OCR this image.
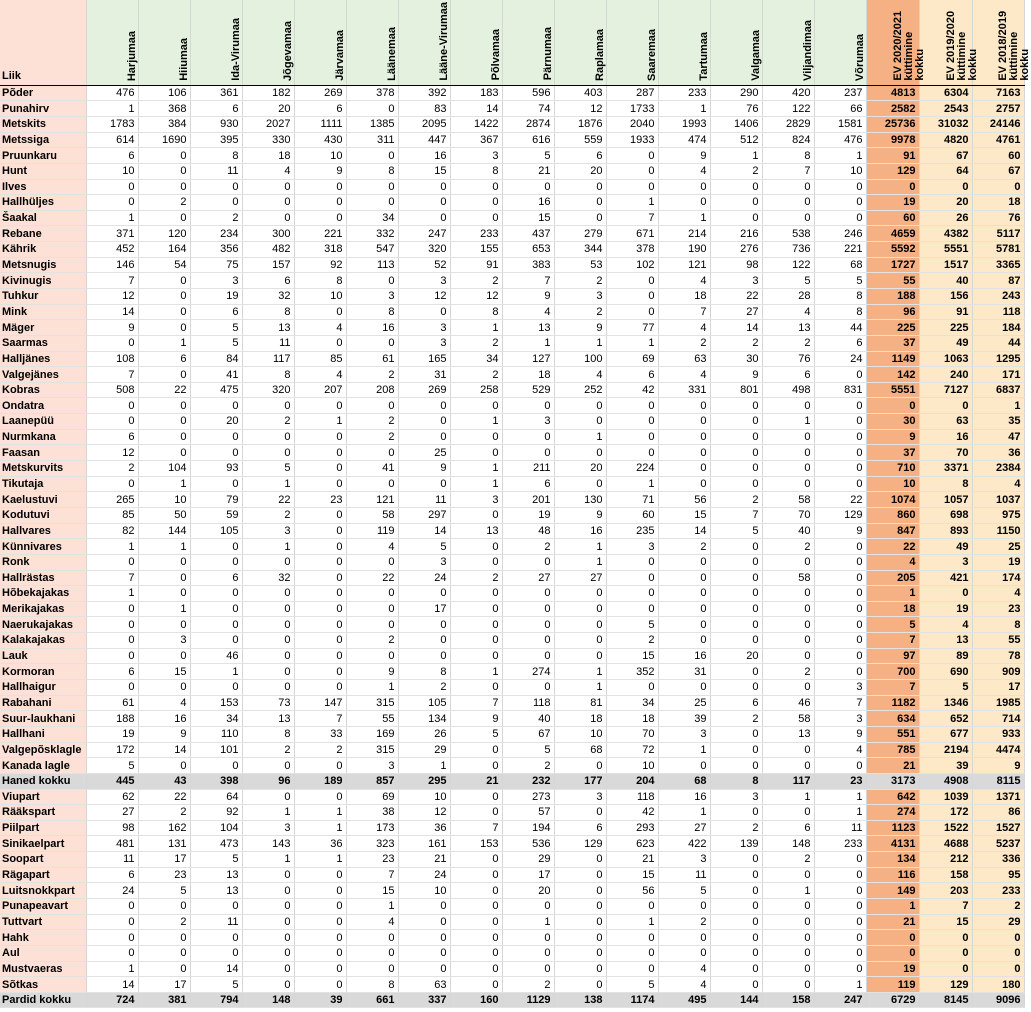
Liik	Harjumaa	Hiiumaa	Ida-Virumaa	Jõgevamaa	Järvamaa	Läänemaa	Lääne-Virumaa	Põlvamaa	Pärnumaa	Raplamaa	Saaremaa	Tartumaa	Valgamaa	Viljandimaa	Võrumaa	EV 2020/2021 küttimine kokku	EV 2019/2020 küttimine kokku	EV 2018/2019 küttimine kokku
Põder	476	106	361	182	269	378	392	183	596	403	287	233	290	420	237	4813	6304	7163
Punahirv	1	368	6	20	6	0	83	14	74	12	1733	1	76	122	66	2582	2543	2757
Metskits	1783	384	930	2027	1111	1385	2095	1422	2874	1876	2040	1993	1406	2829	1581	25736	31032	24146
Metssiga	614	1690	395	330	430	311	447	367	616	559	1933	474	512	824	476	9978	4820	4761
Pruunkaru	6	0	8	18	10	0	16	3	5	6	0	9	1	8	1	91	67	60
Hunt	10	0	11	4	9	8	15	8	21	20	0	4	2	7	10	129	64	67
Ilves	0	0	0	0	0	0	0	0	0	0	0	0	0	0	0	0	0	0
Hallhüljes	0	2	0	0	0	0	0	0	16	0	1	0	0	0	0	19	20	18
Šaakal	1	0	2	0	0	34	0	0	15	0	7	1	0	0	0	60	26	76
Rebane	371	120	234	300	221	332	247	233	437	279	671	214	216	538	246	4659	4382	5117
Kährik	452	164	356	482	318	547	320	155	653	344	378	190	276	736	221	5592	5551	5781
Metsnugis	146	54	75	157	92	113	52	91	383	53	102	121	98	122	68	1727	1517	3365
Kivinugis	7	0	3	6	8	0	3	2	7	2	0	4	3	5	5	55	40	87
Tuhkur	12	0	19	32	10	3	12	12	9	3	0	18	22	28	8	188	156	243
Mink	14	0	6	8	0	8	0	8	4	2	0	7	27	4	8	96	91	118
Mäger	9	0	5	13	4	16	3	1	13	9	77	4	14	13	44	225	225	184
Saarmas	0	1	5	11	0	0	3	2	1	1	1	2	2	2	6	37	49	44
Halljänes	108	6	84	117	85	61	165	34	127	100	69	63	30	76	24	1149	1063	1295
Valgejänes	7	0	41	8	4	2	31	2	18	4	6	4	9	6	0	142	240	171
Kobras	508	22	475	320	207	208	269	258	529	252	42	331	801	498	831	5551	7127	6837
Ondatra	0	0	0	0	0	0	0	0	0	0	0	0	0	0	0	0	0	1
Laanepüü	0	0	20	2	1	2	0	1	3	0	0	0	0	1	0	30	63	35
Nurmkana	6	0	0	0	0	2	0	0	0	1	0	0	0	0	0	9	16	47
Faasan	12	0	0	0	0	0	25	0	0	0	0	0	0	0	0	37	70	36
Metskurvits	2	104	93	5	0	41	9	1	211	20	224	0	0	0	0	710	3371	2384
Tikutaja	0	1	0	1	0	0	0	1	6	0	1	0	0	0	0	10	8	4
Kaelustuvi	265	10	79	22	23	121	11	3	201	130	71	56	2	58	22	1074	1057	1037
Kodutuvi	85	50	59	2	0	58	297	0	19	9	60	15	7	70	129	860	698	975
Hallvares	82	144	105	3	0	119	14	13	48	16	235	14	5	40	9	847	893	1150
Künnivares	1	1	0	1	0	4	5	0	2	1	3	2	0	2	0	22	49	25
Ronk	0	0	0	0	0	0	3	0	0	1	0	0	0	0	0	4	3	19
Hallrästas	7	0	6	32	0	22	24	2	27	27	0	0	0	58	0	205	421	174
Hõbekajakas	1	0	0	0	0	0	0	0	0	0	0	0	0	0	0	1	0	4
Merikajakas	0	1	0	0	0	0	17	0	0	0	0	0	0	0	0	18	19	23
Naerukajakas	0	0	0	0	0	0	0	0	0	0	5	0	0	0	0	5	4	8
Kalakajakas	0	3	0	0	0	2	0	0	0	0	2	0	0	0	0	7	13	55
Lauk	0	0	46	0	0	0	0	0	0	0	15	16	20	0	0	97	89	78
Kormoran	6	15	1	0	0	9	8	1	274	1	352	31	0	2	0	700	690	909
Hallhaigur	0	0	0	0	0	1	2	0	0	1	0	0	0	0	3	7	5	17
Rabahani	61	4	153	73	147	315	105	7	118	81	34	25	6	46	7	1182	1346	1985
Suur-laukhani	188	16	34	13	7	55	134	9	40	18	18	39	2	58	3	634	652	714
Hallhani	19	9	110	8	33	169	26	5	67	10	70	3	0	13	9	551	677	933
Valgepõsklagle	172	14	101	2	2	315	29	0	5	68	72	1	0	0	4	785	2194	4474
Kanada lagle	5	0	0	0	0	3	1	0	2	0	10	0	0	0	0	21	39	9
Haned kokku	445	43	398	96	189	857	295	21	232	177	204	68	8	117	23	3173	4908	8115
Viupart	62	22	64	0	0	69	10	0	273	3	118	16	3	1	1	642	1039	1371
Rääkspart	27	2	92	1	1	38	12	0	57	0	42	1	0	0	1	274	172	86
Piilpart	98	162	104	3	1	173	36	7	194	6	293	27	2	6	11	1123	1522	1527
Sinikaelpart	481	131	473	143	36	323	161	153	536	129	623	422	139	148	233	4131	4688	5237
Soopart	11	17	5	1	1	23	21	0	29	0	21	3	0	2	0	134	212	336
Rägapart	6	23	13	0	0	7	24	0	17	0	15	11	0	0	0	116	158	95
Luitsnokkpart	24	5	13	0	0	15	10	0	20	0	56	5	0	1	0	149	203	233
Punapeavart	0	0	0	0	0	1	0	0	0	0	0	0	0	0	0	1	7	2
Tuttvart	0	2	11	0	0	4	0	0	1	0	1	2	0	0	0	21	15	29
Hahk	0	0	0	0	0	0	0	0	0	0	0	0	0	0	0	0	0	0
Aul	0	0	0	0	0	0	0	0	0	0	0	0	0	0	0	0	0	0
Mustvaeras	1	0	14	0	0	0	0	0	0	0	0	4	0	0	0	19	0	0
Sõtkas	14	17	5	0	0	8	63	0	2	0	5	4	0	0	1	119	129	180
Pardid kokku	724	381	794	148	39	661	337	160	1129	138	1174	495	144	158	247	6729	8145	9096
